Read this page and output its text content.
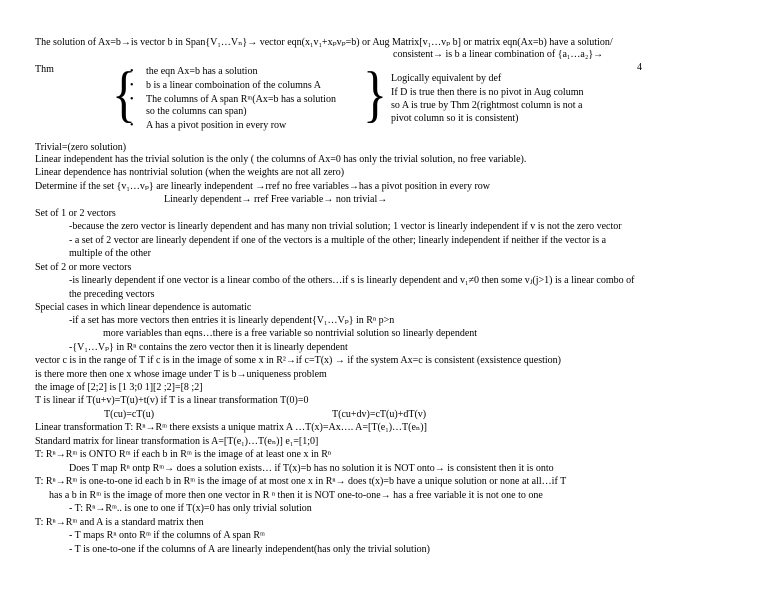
The solution of Ax=b→is vector b in Span{V₁…Vₙ}→ vector eqn(x₁v₁+xₚvₚ=b) or Aug Matrix[v₁…vₚ b] or matrix eqn(Ax=b) have a solution/
consistent→ is b a linear combination of {a₁…a₂}→
4
Thm {
• the eqn Ax=b has a solution
• b is a linear comboination of the columns A
• The columns of A span Rᵐ(Ax=b has a solution
so the columns can span)
• A has a pivot position in every row } Logically equivalent by def
If D is true then there is no pivot in Aug column
so A is true by Thm 2(rightmost column is not a
pivot column so it is consistent)
Trivial=(zero solution)
Linear independent has the trivial solution is the only ( the columns of Ax=0 has only the trivial solution, no free variable).
Linear dependence has nontrivial solution (when the weights are not all zero)
Determine if the set {v₁…vₚ} are linearly independent →rref no free variables→has a pivot position in every row
Linearly dependent→ rref Free variable→ non trivial→
Set of 1 or 2 vectors
-because the zero vector is linearly dependent and has many non trivial solution; 1 vector is linearly independent if v is not the zero vector
- a set of 2 vector are linearly dependent if one of the vectors is a multiple of the other; linearly independent if neither if the vector is a
multiple of the other
Set of 2 or more vectors
-is linearly dependent if one vector is a linear combo of the others…if s is linearly dependent and v₁≠0 then some vⱼ(j>1) is a linear combo of
the preceding vectors
Special cases in which linear dependence is automatic
-if a set has more vectors then entries it is linearly dependent{V₁…Vₚ} in Rⁿ p>n
more variables than eqns…there is a free variable so nontrivial solution so linearly dependent
-{V₁…Vₚ} in Rⁿ contains the zero vector then it is linearly dependent
vector c is in the range of T if c is in the image of some x in R²→if c=T(x) → if the system Ax=c is consistent (exsistence question)
is there more then one x whose image under T is b→uniqueness problem
the image of [2;2] is [1 3;0 1][2 ;2]=[8 ;2]
T is linear if T(u+v)=T(u)+t(v) if T is a linear transformation T(0)=0
T(cu)=cT(u)	T(cu+dv)=cT(u)+dT(v)
Linear transformation T: Rⁿ→Rᵐ there exsists a unique matrix A …T(x)=Ax…. A=[T(e₁)…T(eₙ)]
Standard matrix for linear transformation is A=[T(e₁)…T(eₙ)] e₁=[1;0]
T: Rⁿ→Rᵐ is ONTO Rᵐ if each b in Rᵐ is the image of at least one x in Rⁿ
Does T map Rⁿ ontp Rᵐ→ does a solution exists… if T(x)=b has no solution it is NOT onto→ is consistent then it is onto
T: Rⁿ→Rᵐ is one-to-one id each b in Rᵐ is the image of at most one x in Rⁿ→ does t(x)=b have a unique solution or none at all…if T
has a b in Rᵐ is the image of more then one vector in R ⁿ then it is NOT one-to-one→ has a free variable it is not one to one
- T: Rⁿ→Rᵐ.. is one to one if T(x)=0 has only trivial solution
T: Rⁿ→Rᵐ and A is a standard matrix then
- T maps Rⁿ onto Rᵐ if the columns of A span Rᵐ
- T is one-to-one if the columns of A are linearly independent(has only the trivial solution)
